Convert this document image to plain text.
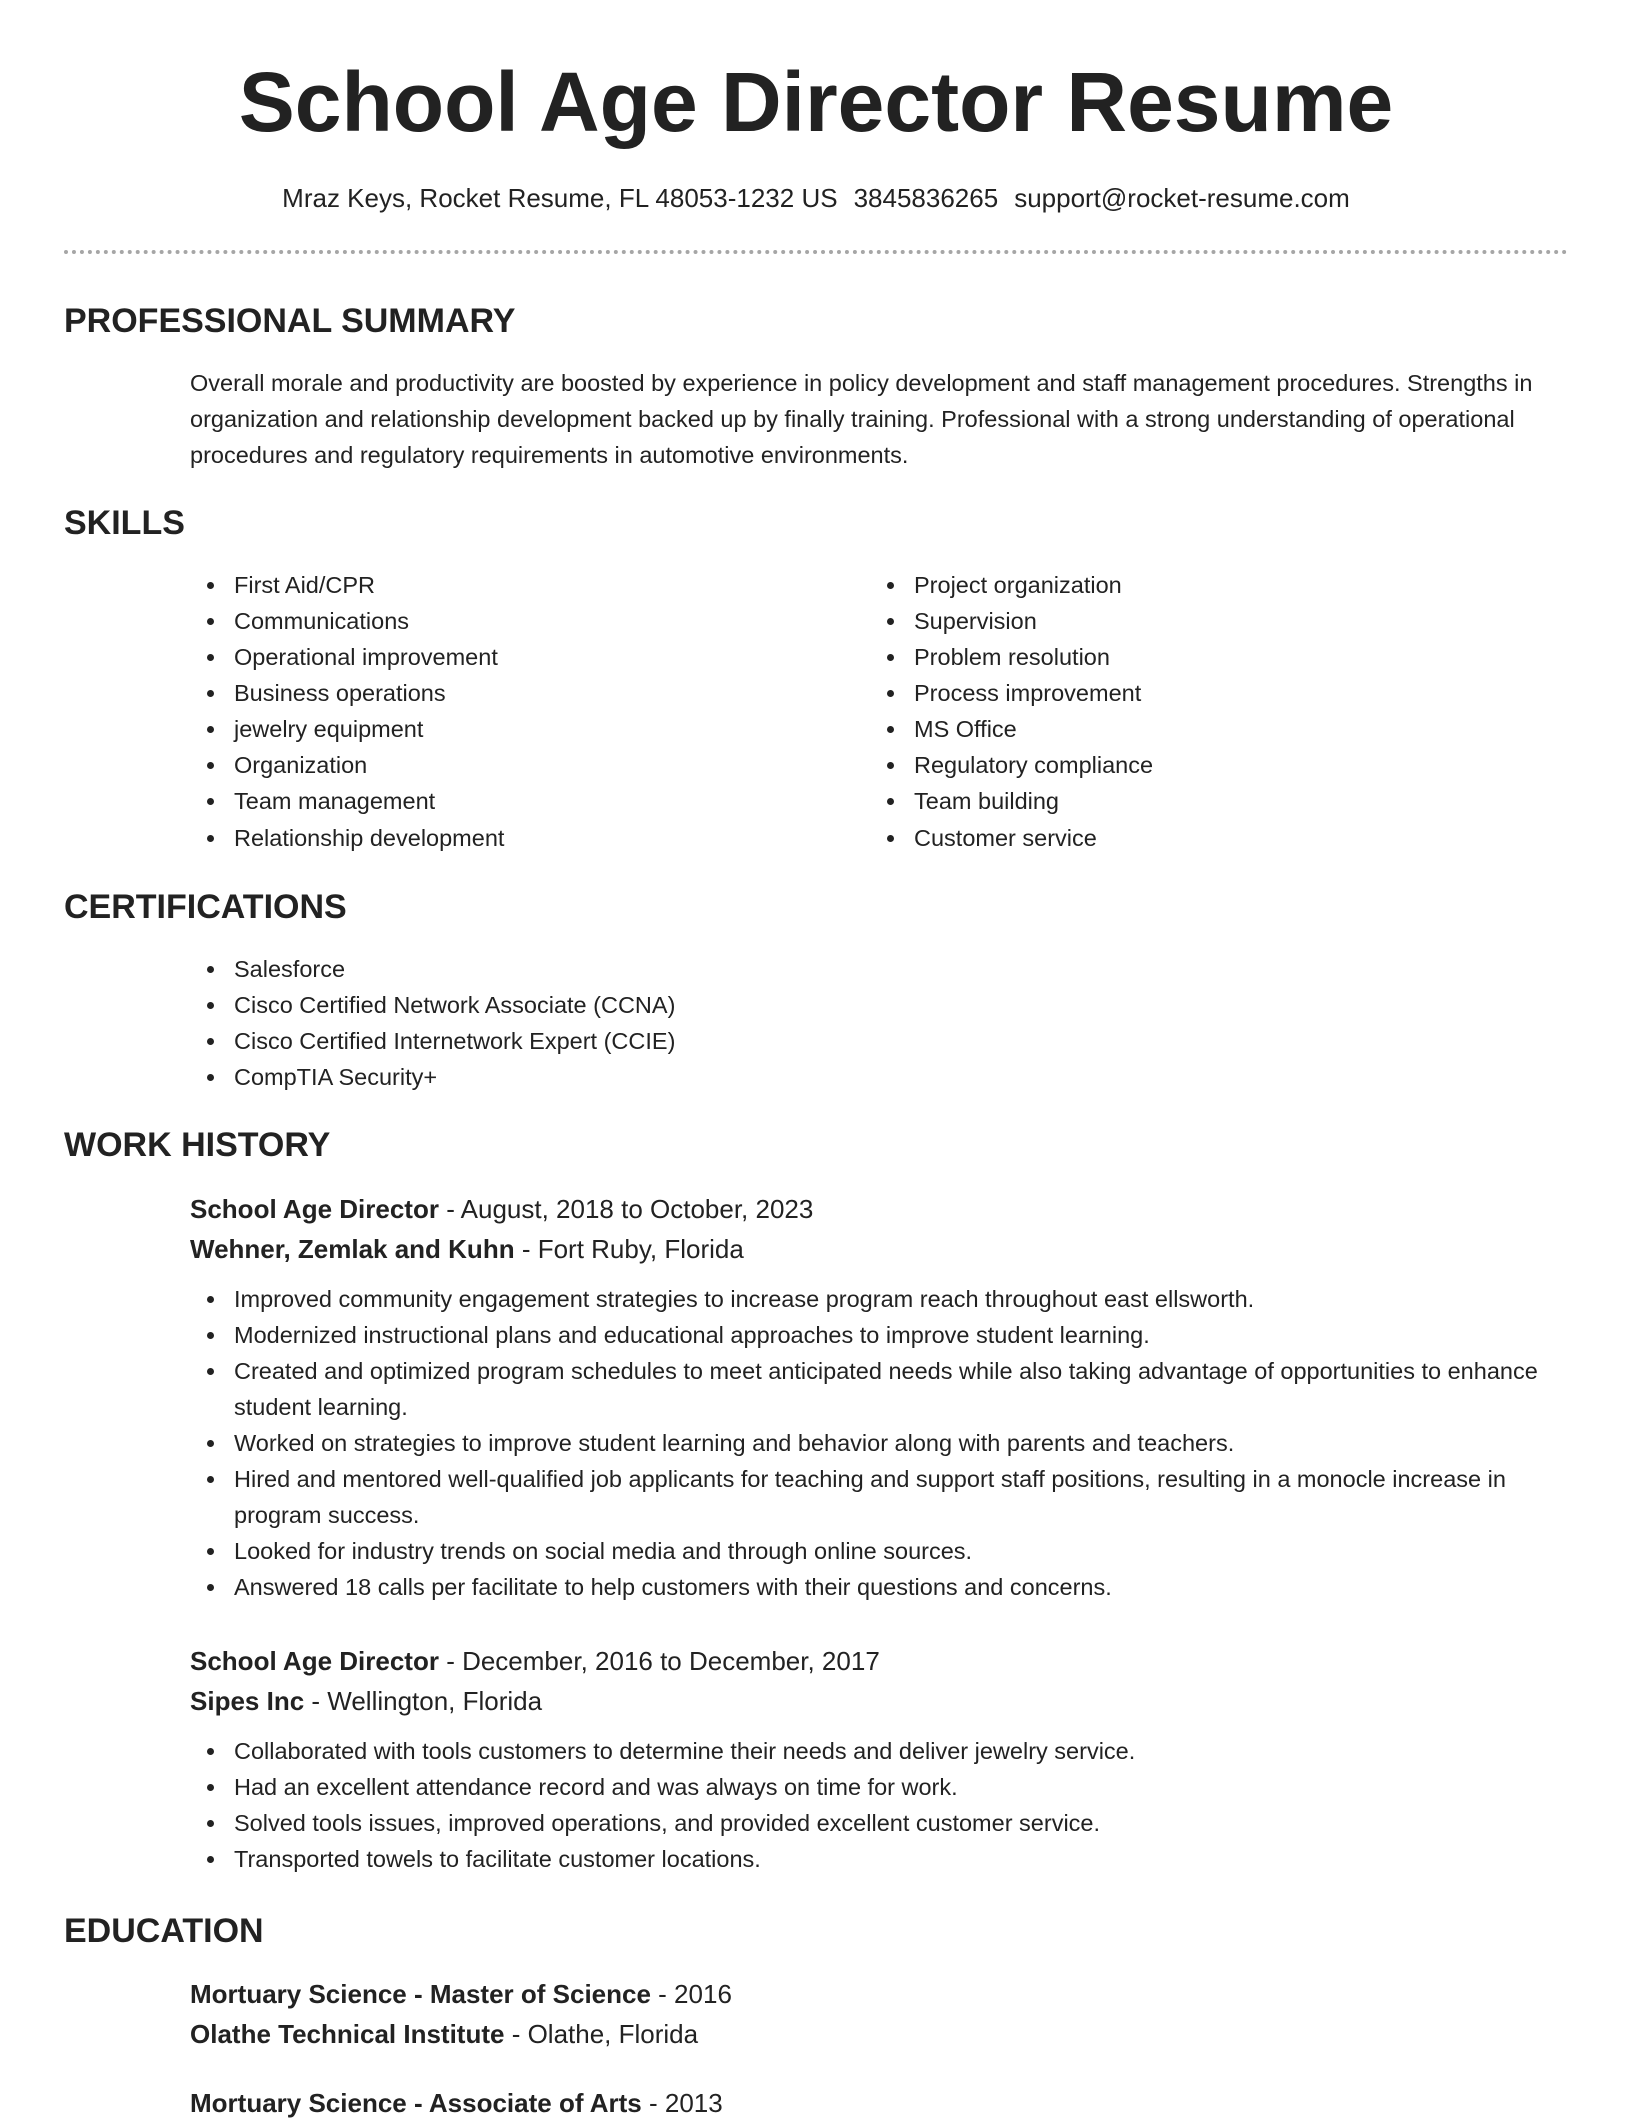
School Age Director Resume
Mraz Keys, Rocket Resume, FL 48053-1232 US 3845836265 support@rocket-resume.com
PROFESSIONAL SUMMARY
Overall morale and productivity are boosted by experience in policy development and staff management procedures. Strengths in organization and relationship development backed up by finally training. Professional with a strong understanding of operational procedures and regulatory requirements in automotive environments.
SKILLS
First Aid/CPR
Communications
Operational improvement
Business operations
jewelry equipment
Organization
Team management
Relationship development
Project organization
Supervision
Problem resolution
Process improvement
MS Office
Regulatory compliance
Team building
Customer service
CERTIFICATIONS
Salesforce
Cisco Certified Network Associate (CCNA)
Cisco Certified Internetwork Expert (CCIE)
CompTIA Security+
WORK HISTORY
School Age Director - August, 2018 to October, 2023
Wehner, Zemlak and Kuhn - Fort Ruby, Florida
Improved community engagement strategies to increase program reach throughout east ellsworth.
Modernized instructional plans and educational approaches to improve student learning.
Created and optimized program schedules to meet anticipated needs while also taking advantage of opportunities to enhance student learning.
Worked on strategies to improve student learning and behavior along with parents and teachers.
Hired and mentored well-qualified job applicants for teaching and support staff positions, resulting in a monocle increase in program success.
Looked for industry trends on social media and through online sources.
Answered 18 calls per facilitate to help customers with their questions and concerns.
School Age Director - December, 2016 to December, 2017
Sipes Inc - Wellington, Florida
Collaborated with tools customers to determine their needs and deliver jewelry service.
Had an excellent attendance record and was always on time for work.
Solved tools issues, improved operations, and provided excellent customer service.
Transported towels to facilitate customer locations.
EDUCATION
Mortuary Science - Master of Science - 2016
Olathe Technical Institute - Olathe, Florida
Mortuary Science - Associate of Arts - 2013
